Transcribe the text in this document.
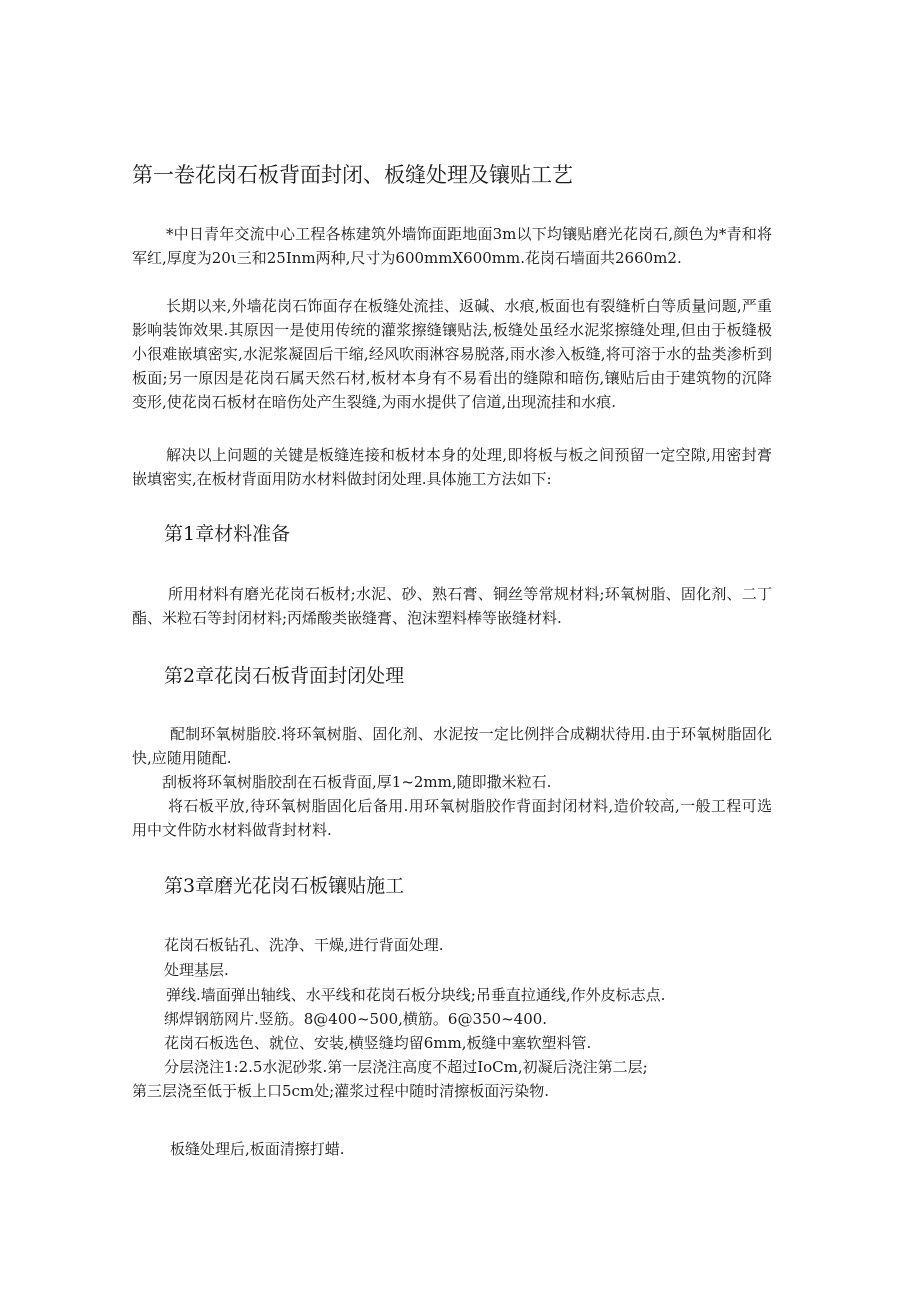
第一卷花岗石板背面封闭、板缝处理及镶贴工艺

*中日青年交流中心工程各栋建筑外墙饰面距地面3m以下均镶贴磨光花岗石,颜色为*青和将军红,厚度为20ι三和25Inm两种,尺寸为600mmX600mm.花岗石墙面共2660m2.

长期以来,外墙花岗石饰面存在板缝处流挂、返碱、水痕,板面也有裂缝析白等质量问题,严重影响装饰效果.其原因一是使用传统的灌浆擦缝镶贴法,板缝处虽经水泥浆擦缝处理,但由于板缝极小很难嵌填密实,水泥浆凝固后干缩,经风吹雨淋容易脱落,雨水渗入板缝,将可溶于水的盐类渗析到板面;另一原因是花岗石属天然石材,板材本身有不易看出的缝隙和暗伤,镶贴后由于建筑物的沉降变形,使花岗石板材在暗伤处产生裂缝,为雨水提供了信道,出现流挂和水痕.

解决以上问题的关键是板缝连接和板材本身的处理,即将板与板之间预留一定空隙,用密封膏嵌填密实,在板材背面用防水材料做封闭处理.具体施工方法如下:

第1章材料准备

所用材料有磨光花岗石板材;水泥、砂、熟石膏、铜丝等常规材料;环氧树脂、固化剂、二丁酯、米粒石等封闭材料;丙烯酸类嵌缝膏、泡沫塑料棒等嵌缝材料.

第2章花岗石板背面封闭处理

配制环氧树脂胶.将环氧树脂、固化剂、水泥按一定比例拌合成糊状待用.由于环氧树脂固化快,应随用随配.

刮板将环氧树脂胶刮在石板背面,厚1~2mm,随即撒米粒石.

将石板平放,待环氧树脂固化后备用.用环氧树脂胶作背面封闭材料,造价较高,一般工程可选用中文件防水材料做背封材料.

第3章磨光花岗石板镶贴施工

花岗石板钻孔、洗净、干燥,进行背面处理.

处理基层.

弹线.墙面弹出轴线、水平线和花岗石板分块线;吊垂直拉通线,作外皮标志点.

绑焊钢筋网片.竖筋。8@400~500,横筋。6@350~400.

花岗石板选色、就位、安装,横竖缝均留6mm,板缝中塞软塑料管.

分层浇注1:2.5水泥砂浆.第一层浇注高度不超过IoCm,初凝后浇注第二层;

第三层浇至低于板上口5cm处;灌浆过程中随时清擦板面污染物.

板缝处理后,板面清擦打蜡.
